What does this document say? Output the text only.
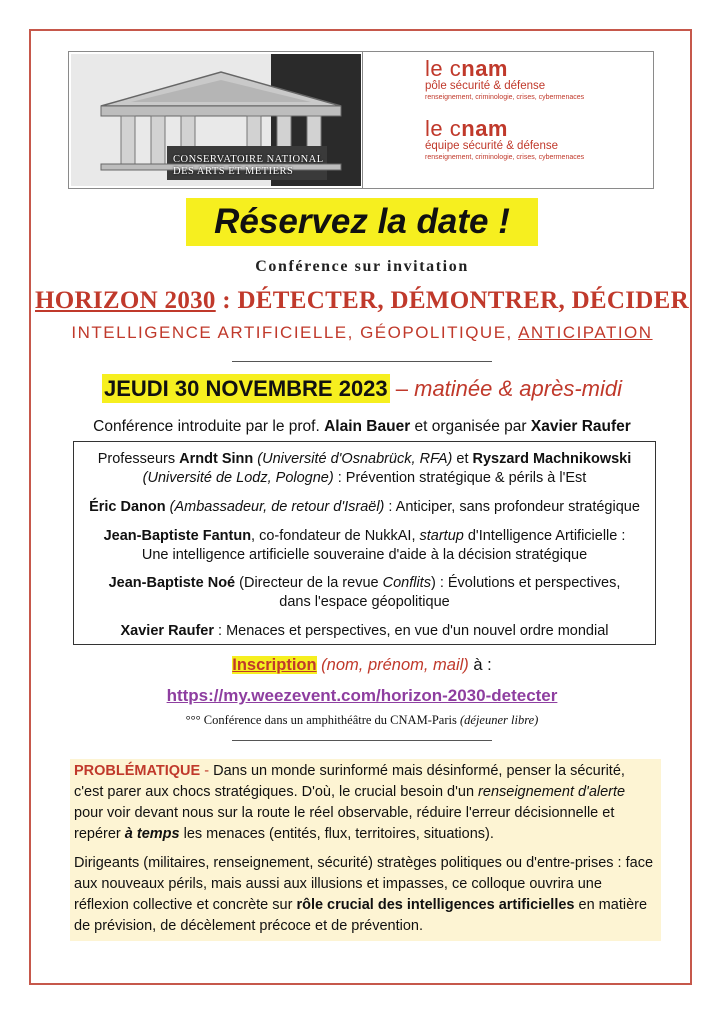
CONSERVATOIRE NATIONAL
DES ARTS ET METIERS
le cnam
pôle sécurité & défense
renseignement, criminologie, crises, cybermenaces
le cnam
équipe sécurité & défense
renseignement, criminologie, crises, cybermenaces
Réservez la date !
Conférence sur invitation
HORIZON 2030 : DÉTECTER, DÉMONTRER, DÉCIDER
INTELLIGENCE ARTIFICIELLE, GÉOPOLITIQUE, ANTICIPATION
JEUDI 30 NOVEMBRE 2023 – matinée & après-midi
Conférence introduite par le prof. Alain Bauer et organisée par Xavier Raufer
Professeurs Arndt Sinn (Université d'Osnabrück, RFA) et Ryszard Machnikowski
(Université de Lodz, Pologne) : Prévention stratégique & périls à l'Est
Éric Danon (Ambassadeur, de retour d'Israël) : Anticiper, sans profondeur stratégique
Jean-Baptiste Fantun, co-fondateur de NukkAI, startup d'Intelligence Artificielle :
Une intelligence artificielle souveraine d'aide à la décision stratégique
Jean-Baptiste Noé (Directeur de la revue Conflits) : Évolutions et perspectives,
dans l'espace géopolitique
Xavier Raufer : Menaces et perspectives, en vue d'un nouvel ordre mondial
Inscription (nom, prénom, mail) à :
https://my.weezevent.com/horizon-2030-detecter
°°° Conférence dans un amphithéâtre du CNAM-Paris (déjeuner libre)

PROBLÉMATIQUE - Dans un monde surinformé mais désinformé, penser la sécurité, c'est parer aux chocs stratégiques. D'où, le crucial besoin d'un renseignement d'alerte pour voir devant nous sur la route le réel observable, réduire l'erreur décisionnelle et repérer à temps les menaces (entités, flux, territoires, situations).

Dirigeants (militaires, renseignement, sécurité) stratèges politiques ou d'entre-prises : face aux nouveaux périls, mais aussi aux illusions et impasses, ce colloque ouvrira une réflexion collective et concrète sur rôle crucial des intelligences artificielles en matière de prévision, de décèlement précoce et de prévention.
